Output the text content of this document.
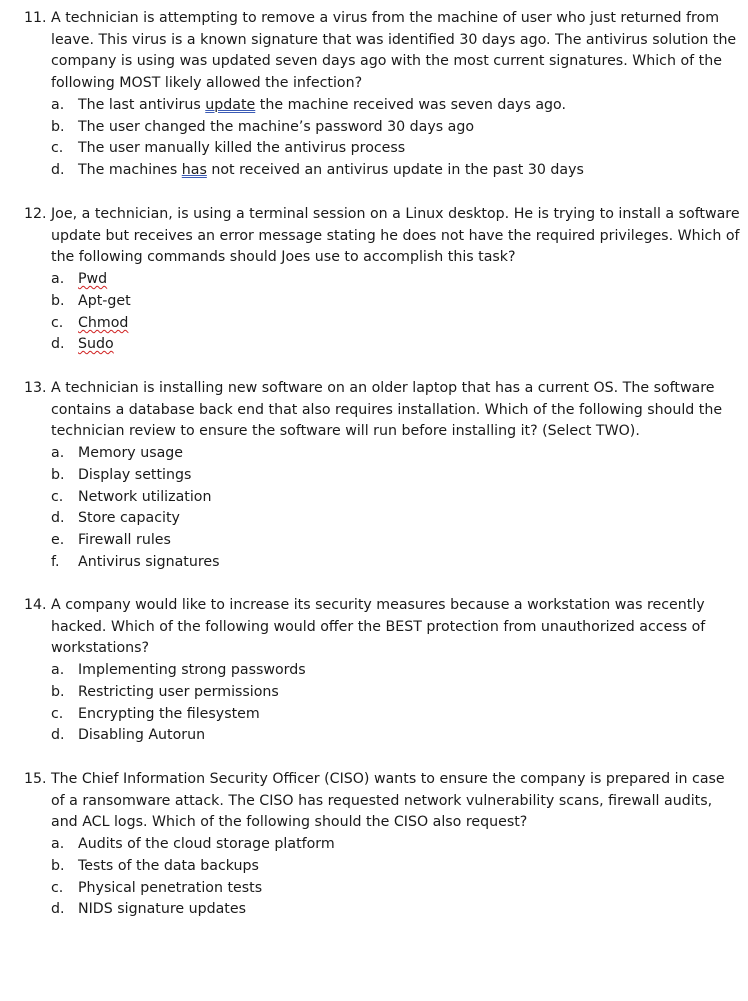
11. A technician is attempting to remove a virus from the machine of user who just returned from
leave. This virus is a known signature that was identified 30 days ago. The antivirus solution the
company is using was updated seven days ago with the most current signatures. Which of the
following MOST likely allowed the infection?
a. The last antivirus update the machine received was seven days ago.
b. The user changed the machine’s password 30 days ago
c. The user manually killed the antivirus process
d. The machines has not received an antivirus update in the past 30 days
12. Joe, a technician, is using a terminal session on a Linux desktop. He is trying to install a software
update but receives an error message stating he does not have the required privileges. Which of
the following commands should Joes use to accomplish this task?
a. Pwd
b. Apt-get
c. Chmod
d. Sudo
13. A technician is installing new software on an older laptop that has a current OS. The software
contains a database back end that also requires installation. Which of the following should the
technician review to ensure the software will run before installing it? (Select TWO).
a. Memory usage
b. Display settings
c. Network utilization
d. Store capacity
e. Firewall rules
f. Antivirus signatures
14. A company would like to increase its security measures because a workstation was recently
hacked. Which of the following would offer the BEST protection from unauthorized access of
workstations?
a. Implementing strong passwords
b. Restricting user permissions
c. Encrypting the filesystem
d. Disabling Autorun
15. The Chief Information Security Officer (CISO) wants to ensure the company is prepared in case
of a ransomware attack. The CISO has requested network vulnerability scans, firewall audits,
and ACL logs. Which of the following should the CISO also request?
a. Audits of the cloud storage platform
b. Tests of the data backups
c. Physical penetration tests
d. NIDS signature updates
